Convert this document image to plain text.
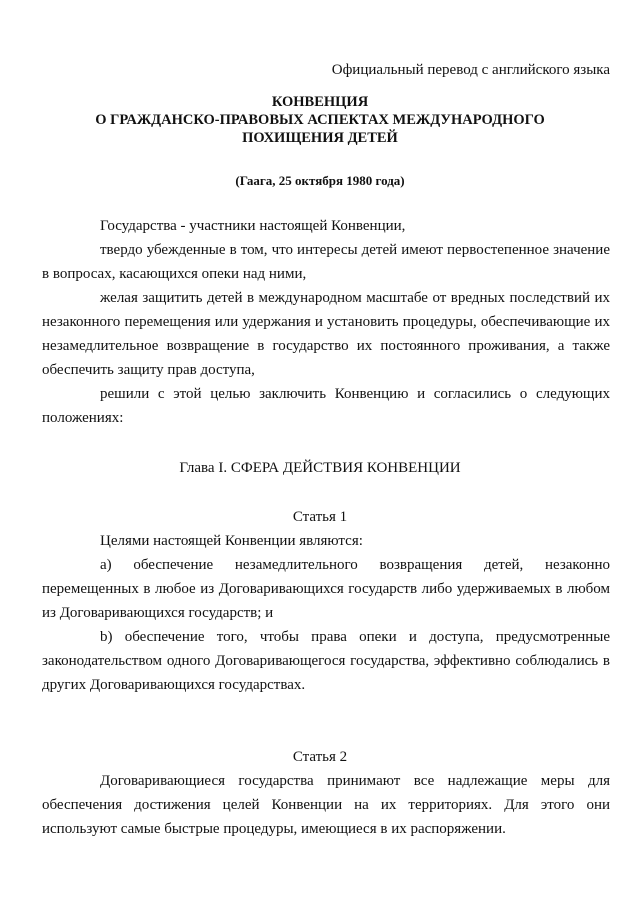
Официальный перевод с английского языка
КОНВЕНЦИЯ
О ГРАЖДАНСКО-ПРАВОВЫХ АСПЕКТАХ МЕЖДУНАРОДНОГО
ПОХИЩЕНИЯ ДЕТЕЙ
(Гаага, 25 октября 1980 года)

Государства - участники настоящей Конвенции,

твердо убежденные в том, что интересы детей имеют первостепенное значение в вопросах, касающихся опеки над ними,

желая защитить детей в международном масштабе от вредных последствий их незаконного перемещения или удержания и установить процедуры, обеспечивающие их незамедлительное возвращение в государство их постоянного проживания, а также обеспечить защиту прав доступа,

решили с этой целью заключить Конвенцию и согласились о следующих положениях:

Глава I. СФЕРА ДЕЙСТВИЯ КОНВЕНЦИИ
Статья 1

Целями настоящей Конвенции являются:

a) обеспечение незамедлительного возвращения детей, незаконно перемещенных в любое из Договаривающихся государств либо удерживаемых в любом из Договаривающихся государств; и

b) обеспечение того, чтобы права опеки и доступа, предусмотренные законодательством одного Договаривающегося государства, эффективно соблюдались в других Договаривающихся государствах.

Статья 2

Договаривающиеся государства принимают все надлежащие меры для обеспечения достижения целей Конвенции на их территориях. Для этого они используют самые быстрые процедуры, имеющиеся в их распоряжении.
